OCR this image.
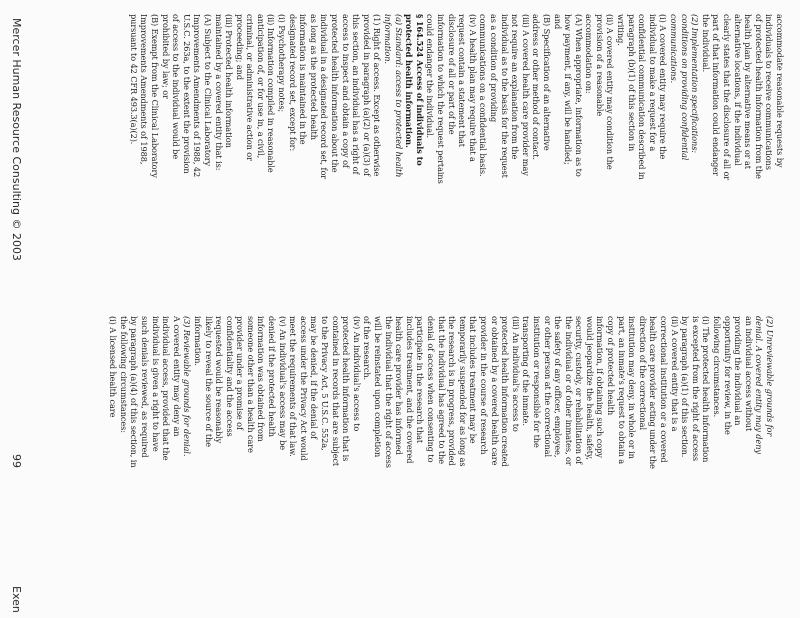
accommodate reasonable requests by

individuals to receive communications

of protected health information from the

health plan by alternative means or at

alternative locations, if the individual

clearly states that the disclosure of all or

part of that information could endanger

the individual.

(2) Implementation specifications:

conditions on providing confidential

communications.

(i) A covered entity may require the

individual to make a request for a

confidential communication described in

paragraph (b)(1) of this section in

writing.

(ii) A covered entity may condition the

provision of a reasonable

accommodation on:

(A) When appropriate, information as to

how payment, if any, will be handled;

and

(B) Specification of an alternative

address or other method of contact.

(iii) A covered health care provider may

not require an explanation from the

individual as to the basis for the request

as a condition of providing

communications on a confidential basis.

(iv) A health plan may require that a

request contain a statement that

disclosure of all or part of the

information to which the request pertains

could endanger the individual.

§ 164.524 Access of individuals to

protected health information.

(a) Standard: access to protected health

information.

(1) Right of access. Except as otherwise

provided in paragraph (a)(2) or (a)(3) of

this section, an individual has a right of

access to inspect and obtain a copy of

protected health information about the

individual in a designated record set, for

as long as the protected health

information is maintained in the

designated record set, except for:

(i) Psychotherapy notes;

(ii) Information compiled in reasonable

anticipation of, or for use in, a civil,

criminal, or administrative action or

proceeding; and

(iii) Protected health information

maintained by a covered entity that is:

(A) Subject to the Clinical Laboratory

Improvements Amendments of 1988, 42

U.S.C. 263a, to the extent the provision

of access to the individual would be

prohibited by law; or

(B) Exempt from the Clinical Laboratory

Improvements Amendments of 1988,

pursuant to 42 CFR 493.3(a)(2).

(2) Unreviewable grounds for

denial. A covered entity may deny

an individual access without

providing the individual an

opportunity for review, in the

following circumstances.

(i) The protected health information

is excepted from the right of access

by paragraph (a)(1) of this section.

(ii) A covered entity that is a

correctional institution or a covered

health care provider acting under the

direction of the correctional

institution may deny, in whole or in

part, an inmate's request to obtain a

copy of protected health

information, if obtaining such copy

would jeopardize the health, safety,

security, custody, or rehabilitation of

the individual or of other inmates, or

the safety of any officer, employee,

or other person at the correctional

institution or responsible for the

transporting of the inmate.

(iii) An individual's access to

protected health information created

or obtained by a covered health care

provider in the course of research

that includes treatment may be

temporarily suspended for as long as

the research is in progress, provided

that the individual has agreed to the

denial of access when consenting to

participate in the research that

includes treatment, and the covered

health care provider has informed

the individual that the right of access

will be reinstated upon completion

of the research.

(iv) An individual's access to

protected health information that is

contained in records that are subject

to the Privacy Act, 5 U.S.C. 552a,

may be denied, if the denial of

access under the Privacy Act would

meet the requirements of that law.

(v) An individual's access may be

denied if the protected health

information was obtained from

someone other than a health care

provider under a promise of

confidentiality and the access

requested would be reasonably

likely to reveal the source of the

information.

(3) Reviewable grounds for denial.

A covered entity may deny an

individual access, provided that the

individual is given a right to have

such denials reviewed, as required

by paragraph (a)(4) of this section, in

the following circumstances:

(i) A licensed health care

Mercer Human Resource Consulting © 2003
99
Exen
